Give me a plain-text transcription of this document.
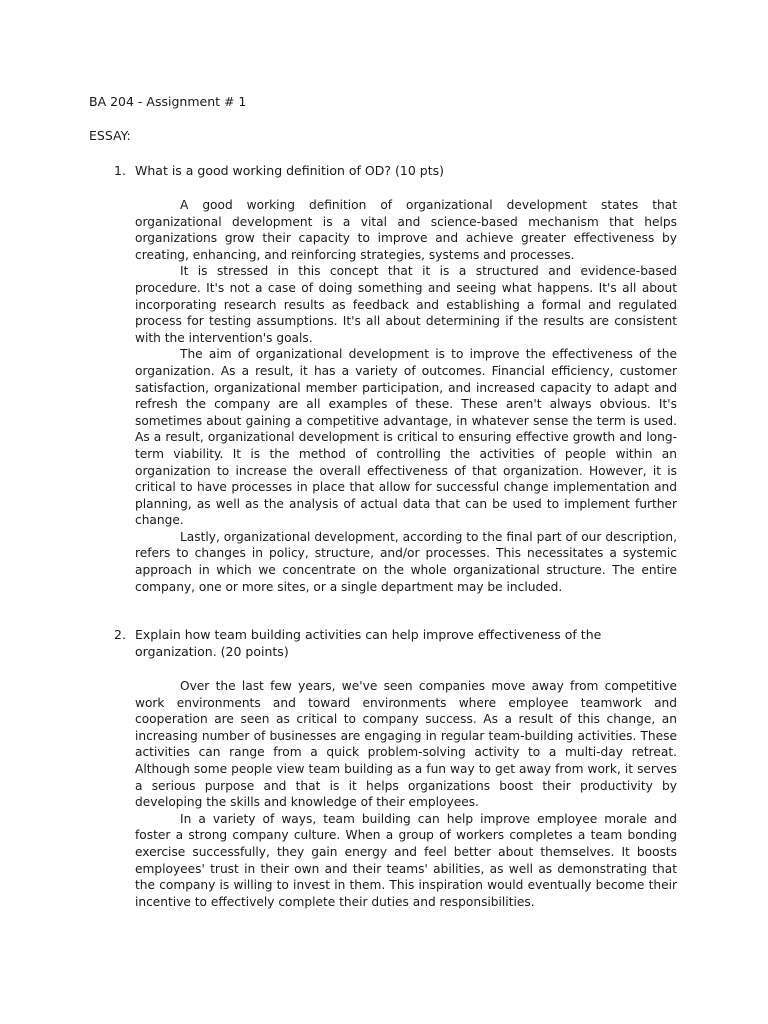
BA 204 - Assignment # 1
ESSAY:
1. What is a good working definition of OD? (10 pts)

A good working definition of organizational development states that organizational development is a vital and science-based mechanism that helps organizations grow their capacity to improve and achieve greater effectiveness by creating, enhancing, and reinforcing strategies, systems and processes.

It is stressed in this concept that it is a structured and evidence-based procedure. It's not a case of doing something and seeing what happens. It's all about incorporating research results as feedback and establishing a formal and regulated process for testing assumptions. It's all about determining if the results are consistent with the intervention's goals.

The aim of organizational development is to improve the effectiveness of the organization. As a result, it has a variety of outcomes. Financial efficiency, customer satisfaction, organizational member participation, and increased capacity to adapt and refresh the company are all examples of these. These aren't always obvious. It's sometimes about gaining a competitive advantage, in whatever sense the term is used. As a result, organizational development is critical to ensuring effective growth and long-term viability. It is the method of controlling the activities of people within an organization to increase the overall effectiveness of that organization. However, it is critical to have processes in place that allow for successful change implementation and planning, as well as the analysis of actual data that can be used to implement further change.

Lastly, organizational development, according to the final part of our description, refers to changes in policy, structure, and/or processes. This necessitates a systemic approach in which we concentrate on the whole organizational structure. The entire company, one or more sites, or a single department may be included.

2. Explain how team building activities can help improve effectiveness of the organization. (20 points)

Over the last few years, we've seen companies move away from competitive work environments and toward environments where employee teamwork and cooperation are seen as critical to company success. As a result of this change, an increasing number of businesses are engaging in regular team-building activities. These activities can range from a quick problem-solving activity to a multi-day retreat. Although some people view team building as a fun way to get away from work, it serves a serious purpose and that is it helps organizations boost their productivity by developing the skills and knowledge of their employees.

In a variety of ways, team building can help improve employee morale and foster a strong company culture. When a group of workers completes a team bonding exercise successfully, they gain energy and feel better about themselves. It boosts employees' trust in their own and their teams' abilities, as well as demonstrating that the company is willing to invest in them. This inspiration would eventually become their incentive to effectively complete their duties and responsibilities.
